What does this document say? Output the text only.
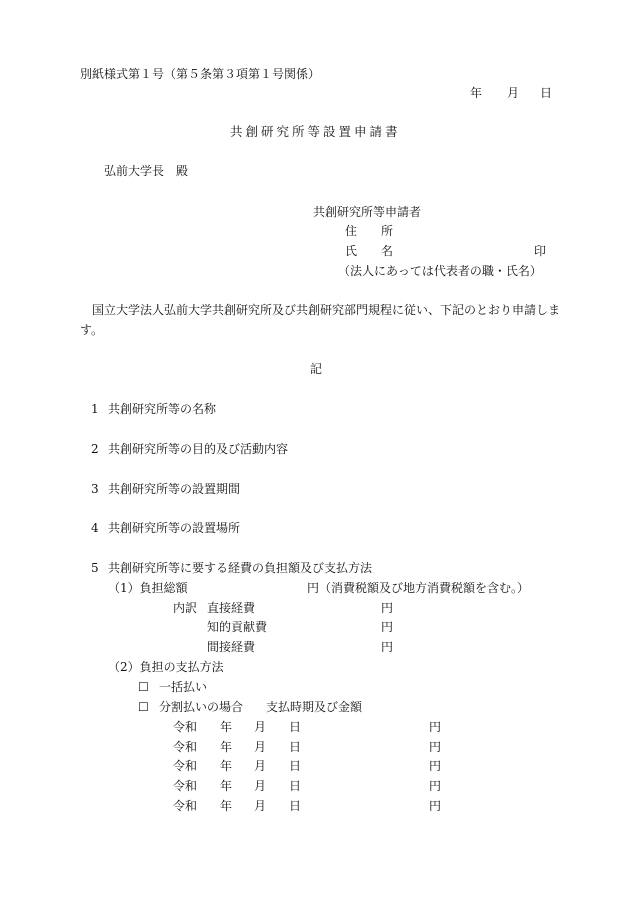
別紙様式第１号（第５条第３項第１号関係）
年 月 日
共創研究所等設置申請書
弘前大学長　殿
共創研究所等申請者
住 所
氏 名	印
（法人にあっては代表者の職・氏名）
国立大学法人弘前大学共創研究所及び共創研究部門規程に従い、下記のとおり申請しま
す。
記
1 共創研究所等の名称
2 共創研究所等の目的及び活動内容
3 共創研究所等の設置期間
4 共創研究所等の設置場所
5 共創研究所等に要する経費の負担額及び支払方法
（1）負担総額	円（消費税額及び地方消費税額を含む。）
内訳 直接経費	円
知的貢献費	円
間接経費	円
（2）負担の支払方法
☐ 一括払い
☐ 分割払いの場合 支払時期及び金額
令和 年 月 日	円
令和 年 月 日	円
令和 年 月 日	円
令和 年 月 日	円
令和 年 月 日	円
